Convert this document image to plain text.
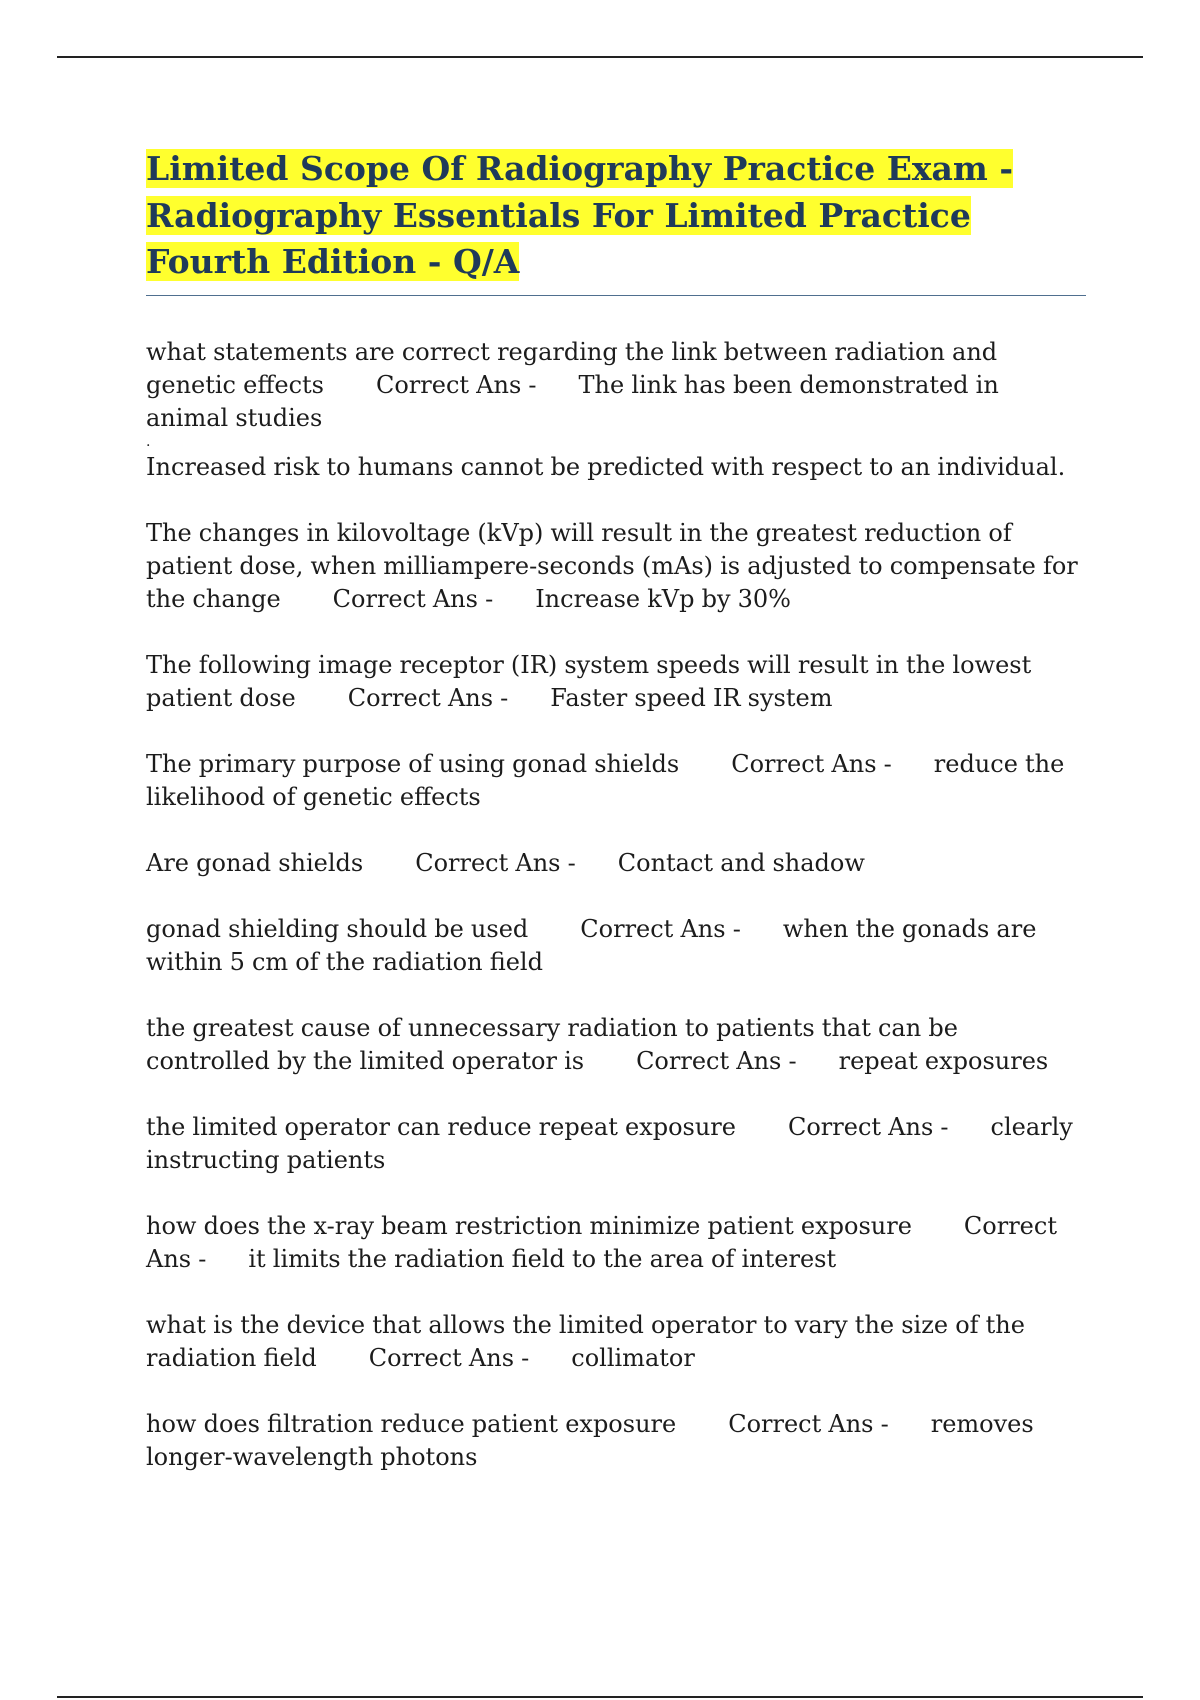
Limited Scope Of Radiography Practice Exam -
Radiography Essentials For Limited Practice
Fourth Edition - Q/A

what statements are correct regarding the link between radiation and genetic effects Correct Ans - The link has been demonstrated in animal studies
.
Increased risk to humans cannot be predicted with respect to an individual.

The changes in kilovoltage (kVp) will result in the greatest reduction of patient dose, when milliampere-seconds (mAs) is adjusted to compensate for the change Correct Ans - Increase kVp by 30%

The following image receptor (IR) system speeds will result in the lowest patient dose Correct Ans - Faster speed IR system

The primary purpose of using gonad shields Correct Ans - reduce the likelihood of genetic effects

Are gonad shields Correct Ans - Contact and shadow

gonad shielding should be used Correct Ans - when the gonads are within 5 cm of the radiation field

the greatest cause of unnecessary radiation to patients that can be controlled by the limited operator is Correct Ans - repeat exposures

the limited operator can reduce repeat exposure Correct Ans - clearly instructing patients

how does the x-ray beam restriction minimize patient exposure Correct Ans - it limits the radiation field to the area of interest

what is the device that allows the limited operator to vary the size of the radiation field Correct Ans - collimator

how does filtration reduce patient exposure Correct Ans - removes longer-wavelength photons
